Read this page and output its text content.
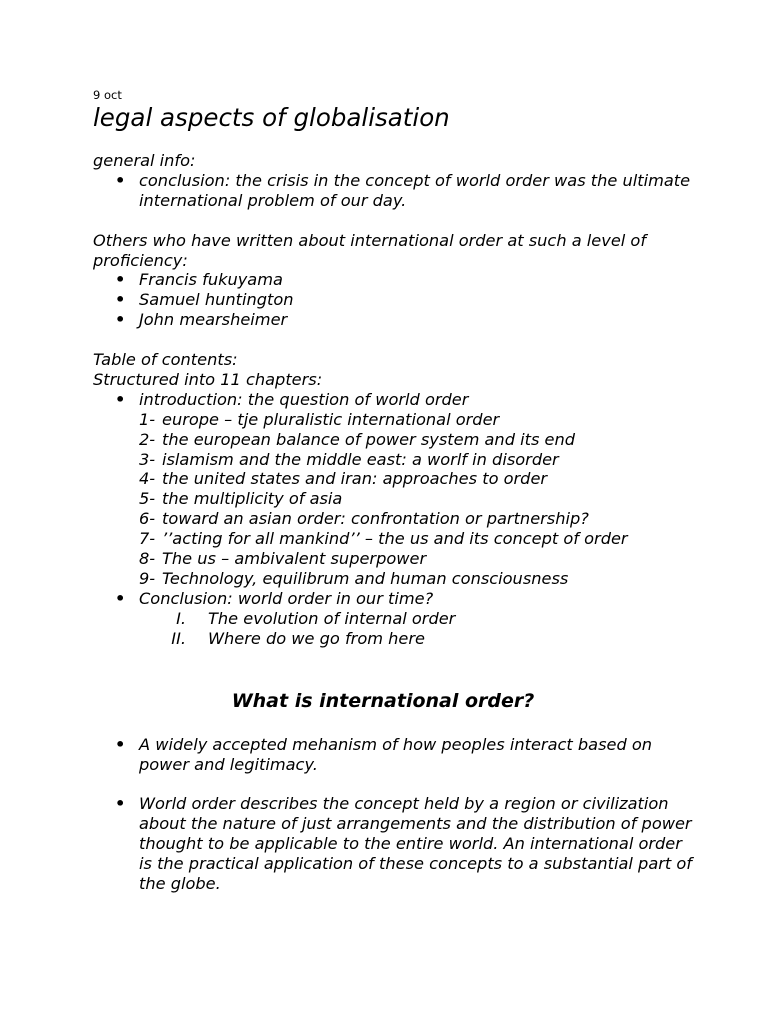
9 oct
legal aspects of globalisation

general info:

• conclusion: the crisis in the concept of world order was the ultimate international problem of our day.

Others who have written about international order at such a level of proficiency:

• Francis fukuyama
• Samuel huntington
• John mearsheimer

Table of contents:

Structured into 11 chapters:

• introduction: the question of world order
1- europe – tje pluralistic international order
2- the european balance of power system and its end
3- islamism and the middle east: a worlf in disorder
4- the united states and iran: approaches to order
5- the multiplicity of asia
6- toward an asian order: confrontation or partnership?
7- ’’acting for all mankind’’ – the us and its concept of order
8- The us – ambivalent superpower
9- Technology, equilibrum and human consciousness
• Conclusion: world order in our time?
I. The evolution of internal order
II. Where do we go from here
What is international order?
• A widely accepted mehanism of how peoples interact based on power and legitimacy.
• World order describes the concept held by a region or civilization about the nature of just arrangements and the distribution of power thought to be applicable to the entire world. An international order is the practical application of these concepts to a substantial part of the globe.
